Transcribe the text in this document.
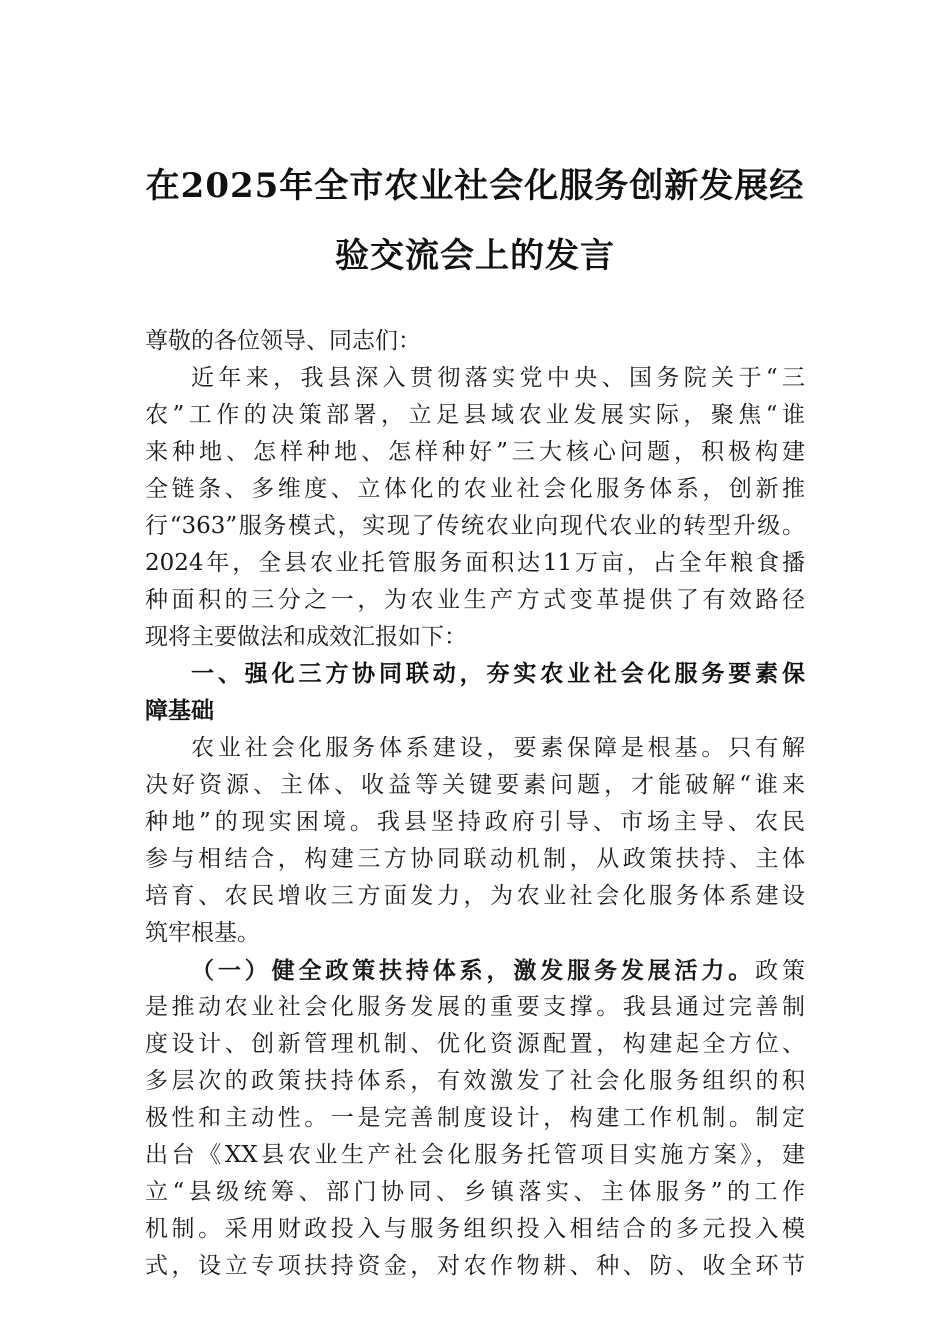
在2025年全市农业社会化服务创新发展经
验交流会上的发言
尊敬的各位领导、同志们：
近年来，我县深入贯彻落实党中央、国务院关于“三
农”工作的决策部署，立足县域农业发展实际，聚焦“谁
来种地、怎样种地、怎样种好”三大核心问题，积极构建
全链条、多维度、立体化的农业社会化服务体系，创新推
行“363”服务模式，实现了传统农业向现代农业的转型升级。
2024年，全县农业托管服务面积达11万亩，占全年粮食播
种面积的三分之一，为农业生产方式变革提供了有效路径
现将主要做法和成效汇报如下：
一、强化三方协同联动，夯实农业社会化服务要素保
障基础
农业社会化服务体系建设，要素保障是根基。只有解
决好资源、主体、收益等关键要素问题，才能破解“谁来
种地”的现实困境。我县坚持政府引导、市场主导、农民
参与相结合，构建三方协同联动机制，从政策扶持、主体
培育、农民增收三方面发力，为农业社会化服务体系建设
筑牢根基。
（一）健全政策扶持体系，激发服务发展活力。政策
是推动农业社会化服务发展的重要支撑。我县通过完善制
度设计、创新管理机制、优化资源配置，构建起全方位、
多层次的政策扶持体系，有效激发了社会化服务组织的积
极性和主动性。一是完善制度设计，构建工作机制。制定
出台《XX县农业生产社会化服务托管项目实施方案》，建
立“县级统筹、部门协同、乡镇落实、主体服务”的工作
机制。采用财政投入与服务组织投入相结合的多元投入模
式，设立专项扶持资金，对农作物耕、种、防、收全环节
